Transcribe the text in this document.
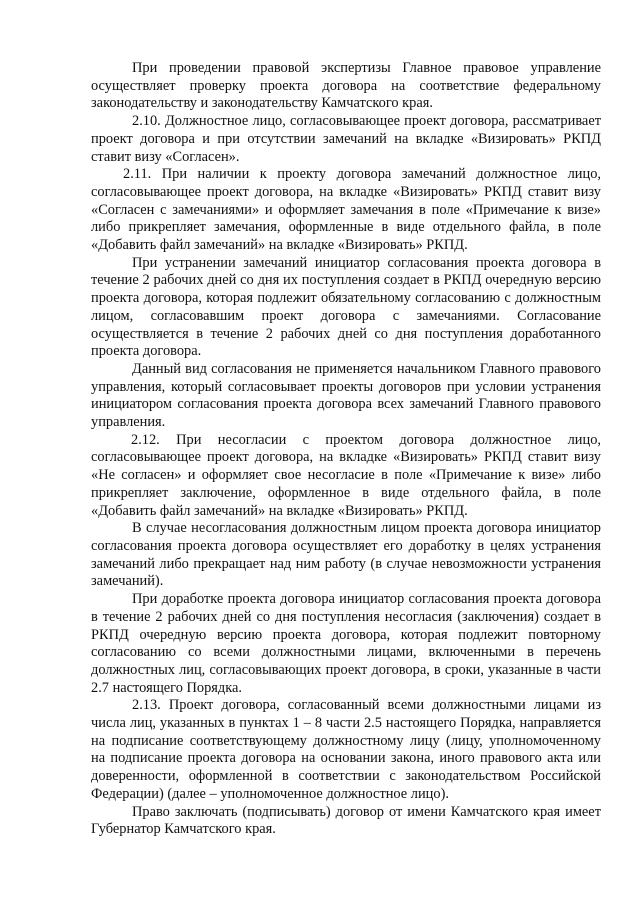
При проведении правовой экспертизы Главное правовое управление осуществляет проверку проекта договора на соответствие федеральному законодательству и законодательству Камчатского края.

2.10. Должностное лицо, согласовывающее проект договора, рассматривает проект договора и при отсутствии замечаний на вкладке «Визировать» РКПД ставит визу «Согласен».

2.11. При наличии к проекту договора замечаний должностное лицо, согласовывающее проект договора, на вкладке «Визировать» РКПД ставит визу «Согласен с замечаниями» и оформляет замечания в поле «Примечание к визе» либо прикрепляет замечания, оформленные в виде отдельного файла, в поле «Добавить файл замечаний» на вкладке «Визировать» РКПД.

При устранении замечаний инициатор согласования проекта договора в течение 2 рабочих дней со дня их поступления создает в РКПД очередную версию проекта договора, которая подлежит обязательному согласованию с должностным лицом, согласовавшим проект договора с замечаниями. Согласование осуществляется в течение 2 рабочих дней со дня поступления доработанного проекта договора.

Данный вид согласования не применяется начальником Главного правового управления, который согласовывает проекты договоров при условии устранения инициатором согласования проекта договора всех замечаний Главного правового управления.

2.12. При несогласии с проектом договора должностное лицо, согласовывающее проект договора, на вкладке «Визировать» РКПД ставит визу «Не согласен» и оформляет свое несогласие в поле «Примечание к визе» либо прикрепляет заключение, оформленное в виде отдельного файла, в поле «Добавить файл замечаний» на вкладке «Визировать» РКПД.

В случае несогласования должностным лицом проекта договора инициатор согласования проекта договора осуществляет его доработку в целях устранения замечаний либо прекращает над ним работу (в случае невозможности устранения замечаний).

При доработке проекта договора инициатор согласования проекта договора в течение 2 рабочих дней со дня поступления несогласия (заключения) создает в РКПД очередную версию проекта договора, которая подлежит повторному согласованию со всеми должностными лицами, включенными в перечень должностных лиц, согласовывающих проект договора, в сроки, указанные в части 2.7 настоящего Порядка.

2.13. Проект договора, согласованный всеми должностными лицами из числа лиц, указанных в пунктах 1 – 8 части 2.5 настоящего Порядка, направляется на подписание соответствующему должностному лицу (лицу, уполномоченному на подписание проекта договора на основании закона, иного правового акта или доверенности, оформленной в соответствии с законодательством Российской Федерации) (далее – уполномоченное должностное лицо).

Право заключать (подписывать) договор от имени Камчатского края имеет Губернатор Камчатского края.
